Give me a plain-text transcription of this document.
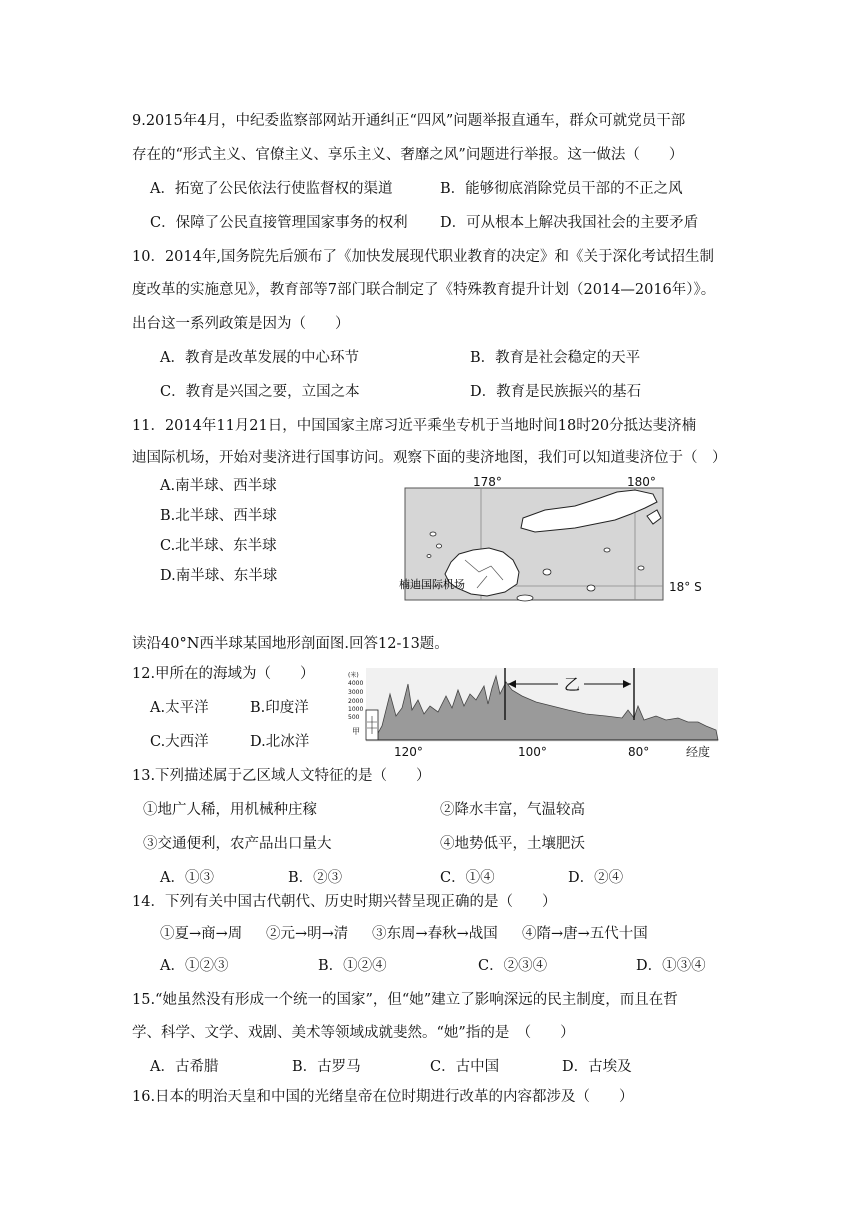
9.2015年4月，中纪委监察部网站开通纠正“四风”问题举报直通车，群众可就党员干部
存在的“形式主义、官僚主义、享乐主义、奢靡之风”问题进行举报。这一做法（　　）
A．拓宽了公民依法行使监督权的渠道	B．能够彻底消除党员干部的不正之风
C．保障了公民直接管理国家事务的权利 D．可从根本上解决我国社会的主要矛盾
10．2014年,国务院先后颁布了《加快发展现代职业教育的决定》和《关于深化考试招生制
度改革的实施意见》，教育部等7部门联合制定了《特殊教育提升计划（2014—2016年）》。
出台这一系列政策是因为（　　）
A．教育是改革发展的中心环节	B．教育是社会稳定的天平
C．教育是兴国之要，立国之本	D．教育是民族振兴的基石
11．2014年11月21日，中国国家主席习近平乘坐专机于当地时间18时20分抵达斐济楠
迪国际机场，开始对斐济进行国事访问。观察下面的斐济地图，我们可以知道斐济位于（　）
A.南半球、西半球
B.北半球、西半球
C.北半球、东半球
D.南半球、东半球
178°	180°
18° S
楠迪国际机场
读沿40°N西半球某国地形剖面图.回答12-13题。
12.甲所在的海域为（　　）
A.太平洋	B.印度洋
C.大西洋	D.北冰洋
乙
(米)
4000
3000
2000
1000
500
甲
120°	100°	80°	经度
13.下列描述属于乙区域人文特征的是（　　）
①地广人稀，用机械种庄稼	②降水丰富，气温较高
③交通便利，农产品出口量大	④地势低平，土壤肥沃
A．①③	B．②③	C．①④	D．②④
14．下列有关中国古代朝代、历史时期兴替呈现正确的是（　　）
①夏→商→周 ②元→明→清 ③东周→春秋→战国 ④隋→唐→五代十国
A．①②③	B．①②④	C．②③④	D．①③④
15.“她虽然没有形成一个统一的国家”，但“她”建立了影响深远的民主制度，而且在哲
学、科学、文学、戏剧、美术等领域成就斐然。“她”指的是　（　　）
A．古希腊	B．古罗马	C．古中国	D．古埃及
16.日本的明治天皇和中国的光绪皇帝在位时期进行改革的内容都涉及（　　）
